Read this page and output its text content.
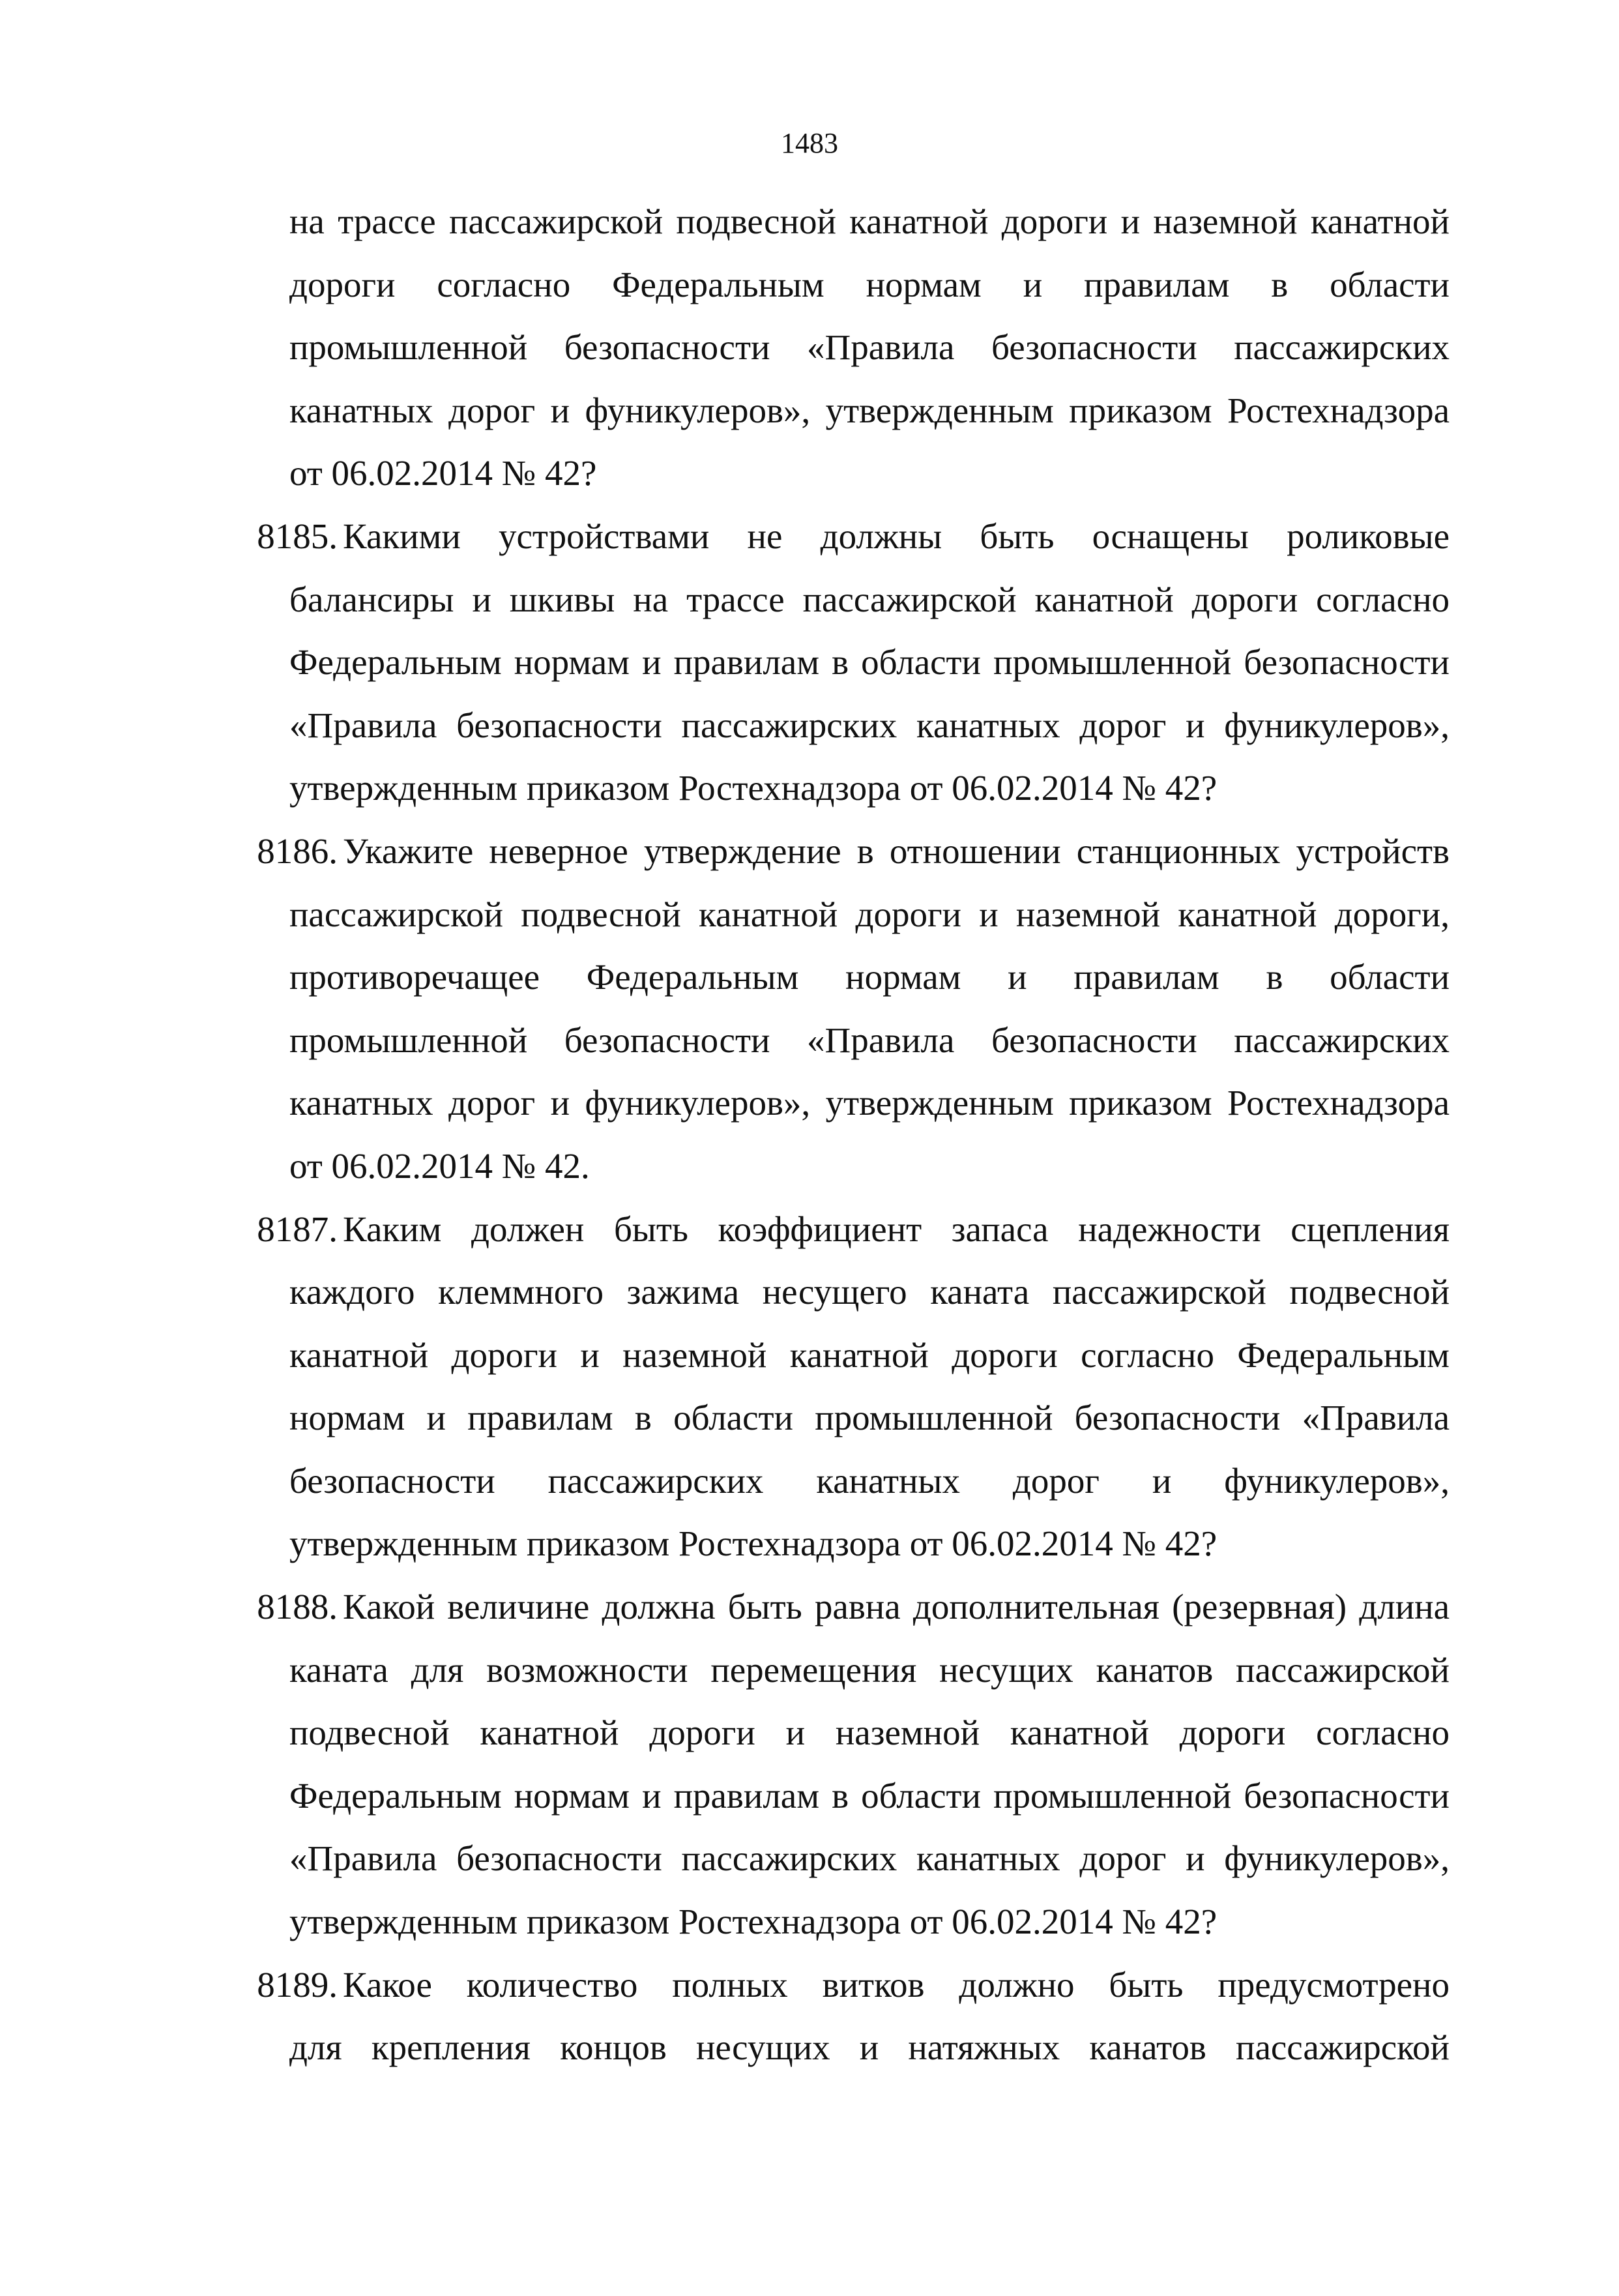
1483
на трассе пассажирской подвесной канатной дороги и наземной канатной
дороги согласно Федеральным нормам и правилам в области
промышленной безопасности «Правила безопасности пассажирских
канатных дорог и фуникулеров», утвержденным приказом Ростехнадзора
от 06.02.2014 № 42?
8185. Какими устройствами не должны быть оснащены роликовые
балансиры и шкивы на трассе пассажирской канатной дороги согласно
Федеральным нормам и правилам в области промышленной безопасности
«Правила безопасности пассажирских канатных дорог и фуникулеров»,
утвержденным приказом Ростехнадзора от 06.02.2014 № 42?
8186. Укажите неверное утверждение в отношении станционных устройств
пассажирской подвесной канатной дороги и наземной канатной дороги,
противоречащее Федеральным нормам и правилам в области
промышленной безопасности «Правила безопасности пассажирских
канатных дорог и фуникулеров», утвержденным приказом Ростехнадзора
от 06.02.2014 № 42.
8187. Каким должен быть коэффициент запаса надежности сцепления
каждого клеммного зажима несущего каната пассажирской подвесной
канатной дороги и наземной канатной дороги согласно Федеральным
нормам и правилам в области промышленной безопасности «Правила
безопасности пассажирских канатных дорог и фуникулеров»,
утвержденным приказом Ростехнадзора от 06.02.2014 № 42?
8188. Какой величине должна быть равна дополнительная (резервная) длина
каната для возможности перемещения несущих канатов пассажирской
подвесной канатной дороги и наземной канатной дороги согласно
Федеральным нормам и правилам в области промышленной безопасности
«Правила безопасности пассажирских канатных дорог и фуникулеров»,
утвержденным приказом Ростехнадзора от 06.02.2014 № 42?
8189. Какое количество полных витков должно быть предусмотрено
для крепления концов несущих и натяжных канатов пассажирской
